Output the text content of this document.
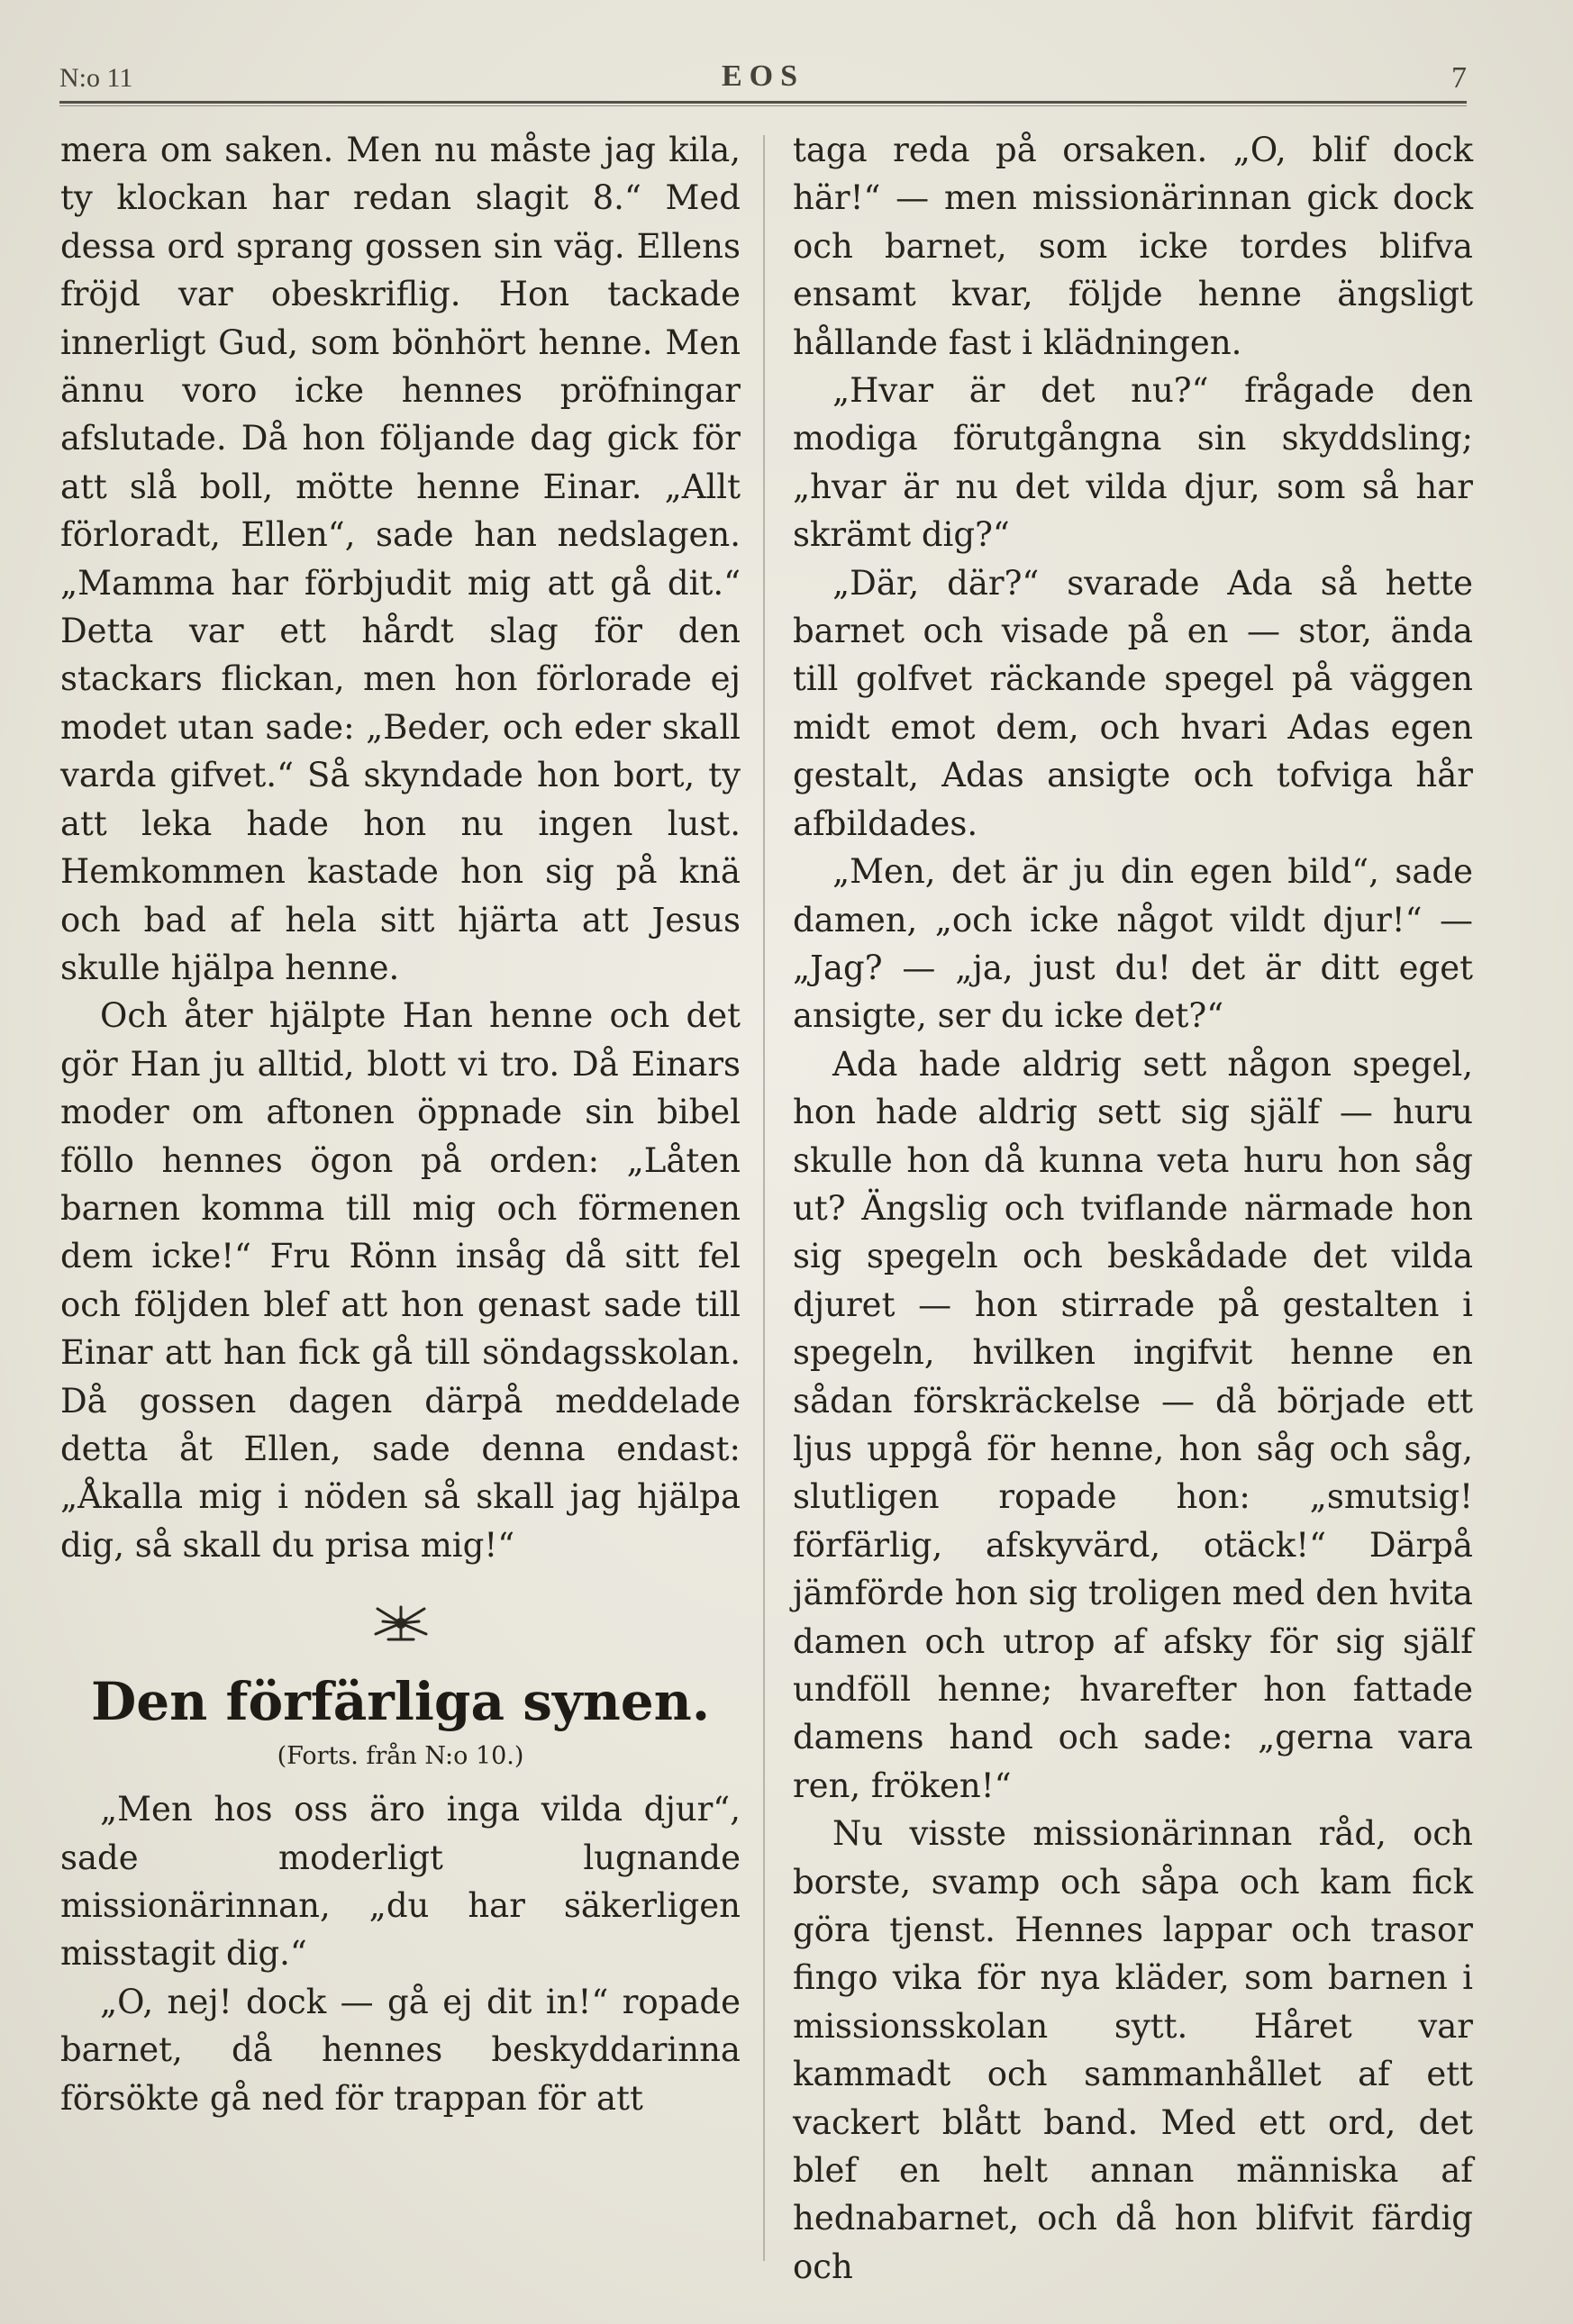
N:o 11	EOS	7

mera om saken. Men nu måste jag kila, ty klockan har redan slagit 8.“ Med dessa ord sprang gossen sin väg. Ellens fröjd var obeskriflig. Hon tackade innerligt Gud, som bönhört henne. Men ännu voro icke hennes pröfningar afslutade. Då hon följande dag gick för att slå boll, mötte henne Einar. „Allt förloradt, Ellen“, sade han nedslagen. „Mamma har förbjudit mig att gå dit.“ Detta var ett hårdt slag för den stackars flickan, men hon förlorade ej modet utan sade: „Beder, och eder skall varda gifvet.“ Så skyndade hon bort, ty att leka hade hon nu ingen lust. Hemkommen kastade hon sig på knä och bad af hela sitt hjärta att Jesus skulle hjälpa henne.

Och åter hjälpte Han henne och det gör Han ju alltid, blott vi tro. Då Einars moder om aftonen öppnade sin bibel föllo hennes ögon på orden: „Låten barnen komma till mig och förmenen dem icke!“ Fru Rönn insåg då sitt fel och följden blef att hon genast sade till Einar att han fick gå till söndagsskolan. Då gossen dagen därpå meddelade detta åt Ellen, sade denna endast: „Åkalla mig i nöden så skall jag hjälpa dig, så skall du prisa mig!“

Den förfärliga synen.
(Forts. från N:o 10.)

„Men hos oss äro inga vilda djur“, sade moderligt lugnande missionärinnan, „du har säkerligen misstagit dig.“

„O, nej! dock — gå ej dit in!“ ropade barnet, då hennes beskyddarinna försökte gå ned för trappan för att

taga reda på orsaken. „O, blif dock här!“ — men missionärinnan gick dock och barnet, som icke tordes blifva ensamt kvar, följde henne ängsligt hållande fast i klädningen.

„Hvar är det nu?“ frågade den modiga förutgångna sin skyddsling; „hvar är nu det vilda djur, som så har skrämt dig?“

„Där, där?“ svarade Ada så hette barnet och visade på en — stor, ända till golfvet räckande spegel på väggen midt emot dem, och hvari Adas egen gestalt, Adas ansigte och tofviga hår afbildades.

„Men, det är ju din egen bild“, sade damen, „och icke något vildt djur!“ — „Jag? — „ja, just du! det är ditt eget ansigte, ser du icke det?“

Ada hade aldrig sett någon spegel, hon hade aldrig sett sig själf — huru skulle hon då kunna veta huru hon såg ut? Ängslig och tviflande närmade hon sig spegeln och beskådade det vilda djuret — hon stirrade på gestalten i spegeln, hvilken ingifvit henne en sådan förskräckelse — då började ett ljus uppgå för henne, hon såg och såg, slutligen ropade hon: „smutsig! förfärlig, afskyvärd, otäck!“ Därpå jämförde hon sig troligen med den hvita damen och utrop af afsky för sig själf undföll henne; hvarefter hon fattade damens hand och sade: „gerna vara ren, fröken!“

Nu visste missionärinnan råd, och borste, svamp och såpa och kam fick göra tjenst. Hennes lappar och trasor fingo vika för nya kläder, som barnen i missionsskolan sytt. Håret var kammadt och sammanhållet af ett vackert blått band. Med ett ord, det blef en helt annan människa af hednabarnet, och då hon blifvit färdig och
